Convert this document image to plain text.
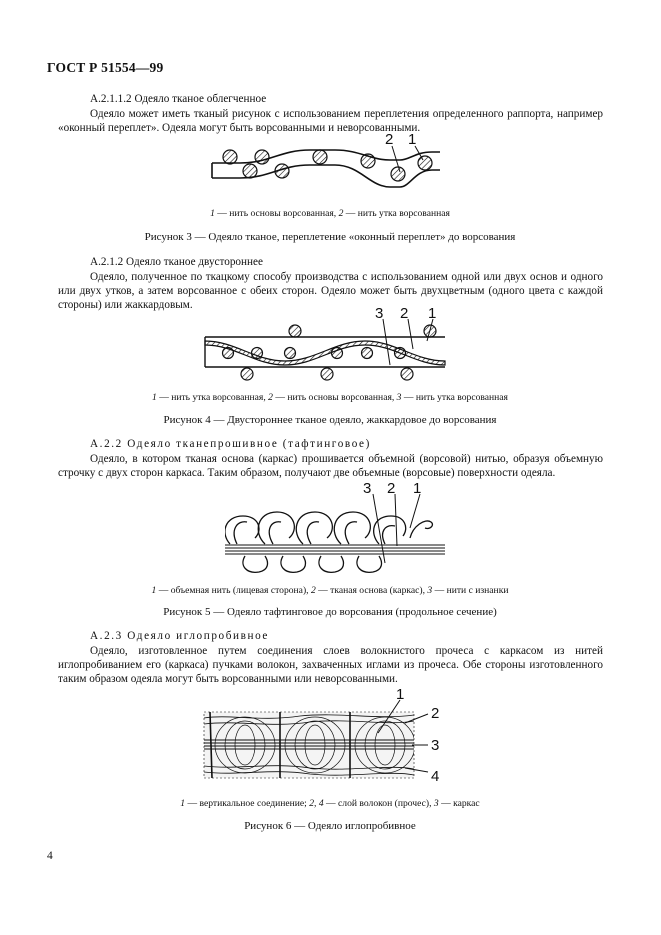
ГОСТ Р 51554—99
А.2.1.1.2 Одеяло тканое облегченное
Одеяло может иметь тканый рисунок с использованием переплетения определенного раппорта, например «оконный переплет». Одеяла могут быть ворсованными и неворсованными.
2 1
1 — нить основы ворсованная, 2 — нить утка ворсованная
Рисунок 3 — Одеяло тканое, переплетение «оконный переплет» до ворсования
А.2.1.2 Одеяло тканое двустороннее
Одеяло, полученное по ткацкому способу производства с использованием одной или двух основ и одного или двух утков, а затем ворсованное с обеих сторон. Одеяло может быть двухцветным (одного цвета с каждой стороны) или жаккардовым.	3 2 1
1 — нить утка ворсованная, 2 — нить основы ворсованная, 3 — нить утка ворсованная
Рисунок 4 — Двустороннее тканое одеяло, жаккардовое до ворсования
А.2.2 Одеяло тканепрошивное (тафтинговое)
Одеяло, в котором тканая основа (каркас) прошивается объемной (ворсовой) нитью, образуя объемную строчку с двух сторон каркаса. Таким образом, получают две объемные (ворсовые) поверхности одеяла.
3 2 1
1 — объемная нить (лицевая сторона), 2 — тканая основа (каркас), 3 — нити с изнанки
Рисунок 5 — Одеяло тафтинговое до ворсования (продольное сечение)
А.2.3 Одеяло иглопробивное
Одеяло, изготовленное путем соединения слоев волокнистого прочеса с каркасом из нитей иглопробиванием его (каркаса) пучками волокон, захваченных иглами из прочеса. Обе стороны изготовленного таким образом одеяла могут быть ворсованными или неворсованными.
1
2
3
4
1 — вертикальное соединение; 2, 4 — слой волокон (прочес), 3 — каркас
Рисунок 6 — Одеяло иглопробивное
4
